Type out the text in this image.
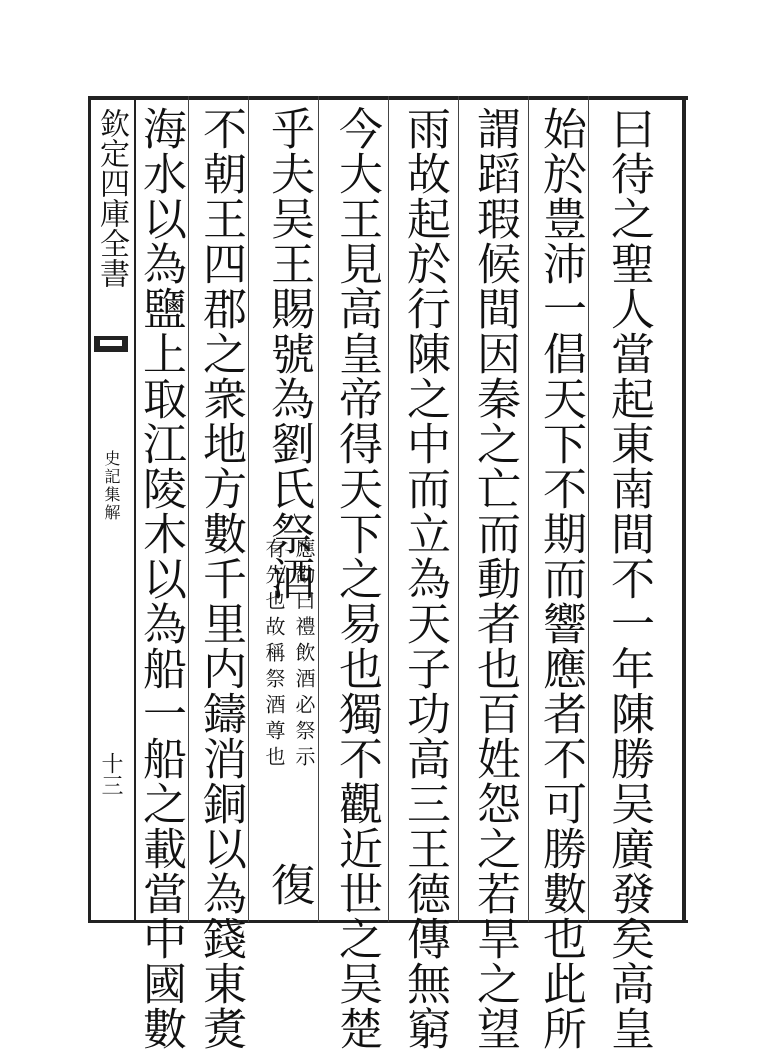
欽定四庫全書
史記集解
十三	曰待之聖人當起東南間不一年陳勝吴廣發矣高皇
始於豊沛一倡天下不期而響應者不可勝數也此所
謂蹈瑕候間因秦之亡而動者也百姓怨之若旱之望
雨故起於行陳之中而立為天子功高三王德傳無窮
今大王見高皇帝得天下之易也獨不觀近世之吴楚
乎夫吴王賜號為劉氏祭酒
應劭曰禮飲酒必祭示
有先也故稱祭酒尊也
復
不朝王四郡之衆地方數千里内鑄消銅以為錢東煑
海水以為鹽上取江陵木以為船一船之載當中國數
